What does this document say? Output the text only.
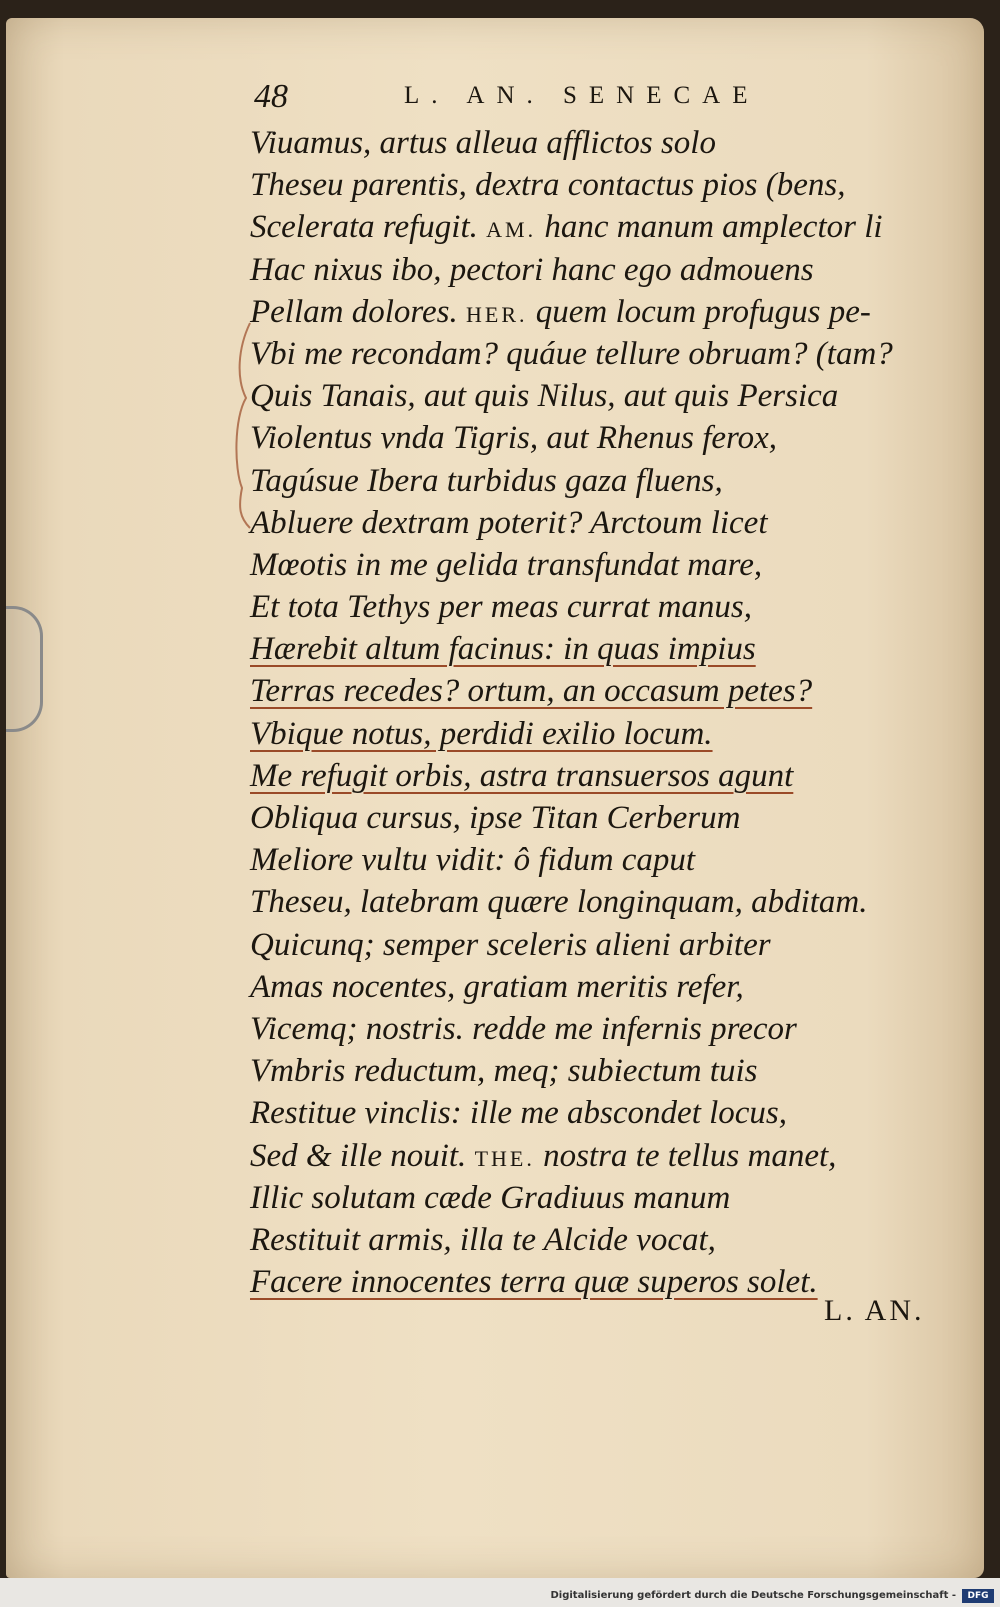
48	L. AN. SENECAE
Viuamus, artus alleua afflictos solo
Theseu parentis, dextra contactus pios (bens,
Scelerata refugit. AM. hanc manum amplector li
Hac nixus ibo, pectori hanc ego admouens
Pellam dolores. HER. quem locum profugus pe-
Vbi me recondam? quáue tellure obruam? (tam?
Quis Tanais, aut quis Nilus, aut quis Persica
Violentus vnda Tigris, aut Rhenus ferox,
Tagúsue Ibera turbidus gaza fluens,
Abluere dextram poterit? Arctoum licet
Mœotis in me gelida transfundat mare,
Et tota Tethys per meas currat manus,
Hærebit altum facinus: in quas impius
Terras recedes? ortum, an occasum petes?
Vbique notus, perdidi exilio locum.
Me refugit orbis, astra transuersos agunt
Obliqua cursus, ipse Titan Cerberum
Meliore vultu vidit: ô fidum caput
Theseu, latebram quære longinquam, abditam.
Quicunq; semper sceleris alieni arbiter
Amas nocentes, gratiam meritis refer,
Vicemq; nostris. redde me infernis precor
Vmbris reductum, meq; subiectum tuis
Restitue vinclis: ille me abscondet locus,
Sed & ille nouit. THE. nostra te tellus manet,
Illic solutam cæde Gradiuus manum
Restituit armis, illa te Alcide vocat,
Facere innocentes terra quæ superos solet.
L. AN.
Digitalisierung gefördert durch die Deutsche Forschungsgemeinschaft -	DFG
